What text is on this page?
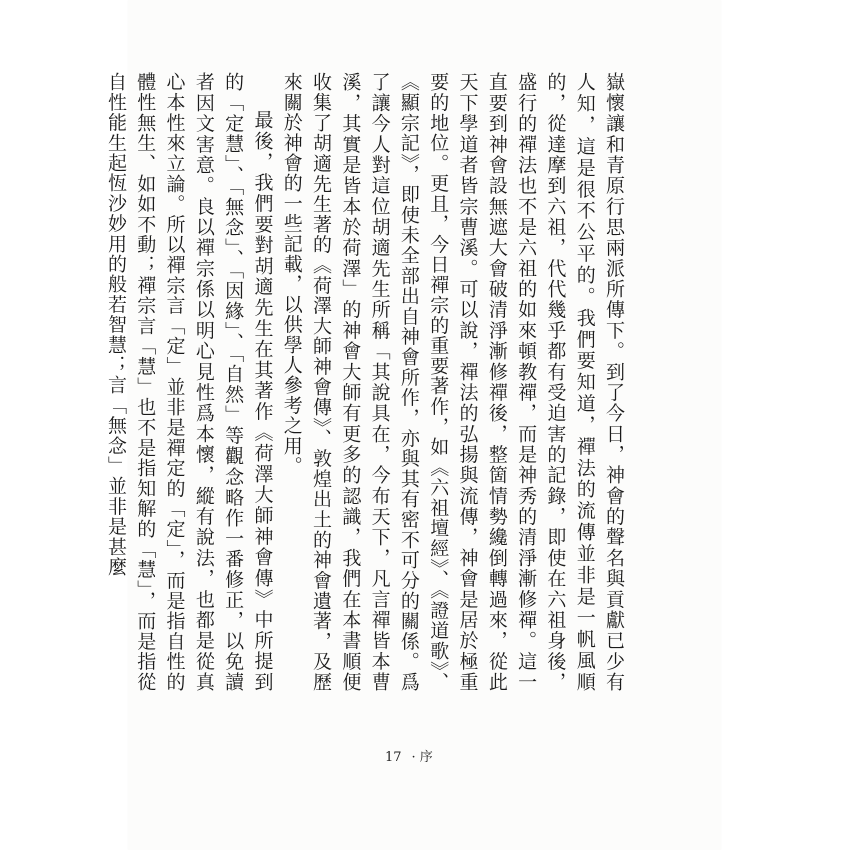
嶽懷讓和青原行思兩派所傳下。到了今日，神會的聲名與貢獻已少有人知，這是很不公平的。我們要知道，禪法的流傳並非是一帆風順的，從達摩到六祖，代代幾乎都有受迫害的記錄，即使在六祖身後，盛行的禪法也不是六祖的如來頓教禪，而是神秀的清淨漸修禪。這一直要到神會設無遮大會破清淨漸修禪後，整箇情勢纔倒轉過來，從此天下學道者皆宗曹溪。可以說，禪法的弘揚與流傳，神會是居於極重要的地位。更且，今日禪宗的重要著作，如《六祖壇經》、《證道歌》、《顯宗記》，即使未全部出自神會所作，亦與其有密不可分的關係。爲了讓今人對這位胡適先生所稱「其說具在，今布天下，凡言禪皆本曹溪，其實是皆本於荷澤」的神會大師有更多的認識，我們在本書順便收集了胡適先生著的《荷澤大師神會傳》、敦煌出土的神會遺著，及歷來關於神會的一些記載，以供學人參考之用。

最後，我們要對胡適先生在其著作《荷澤大師神會傳》中所提到的「定慧」、「無念」、「因緣」、「自然」等觀念略作一番修正，以免讀者因文害意。良以禪宗係以明心見性爲本懷，縱有說法，也都是從真心本性來立論。所以禪宗言「定」並非是禪定的「定」，而是指自性的體性無生、如如不動；禪宗言「慧」也不是指知解的「慧」，而是指從自性能生起恆沙妙用的般若智慧；言「無念」並非是甚麼

17 · 序
